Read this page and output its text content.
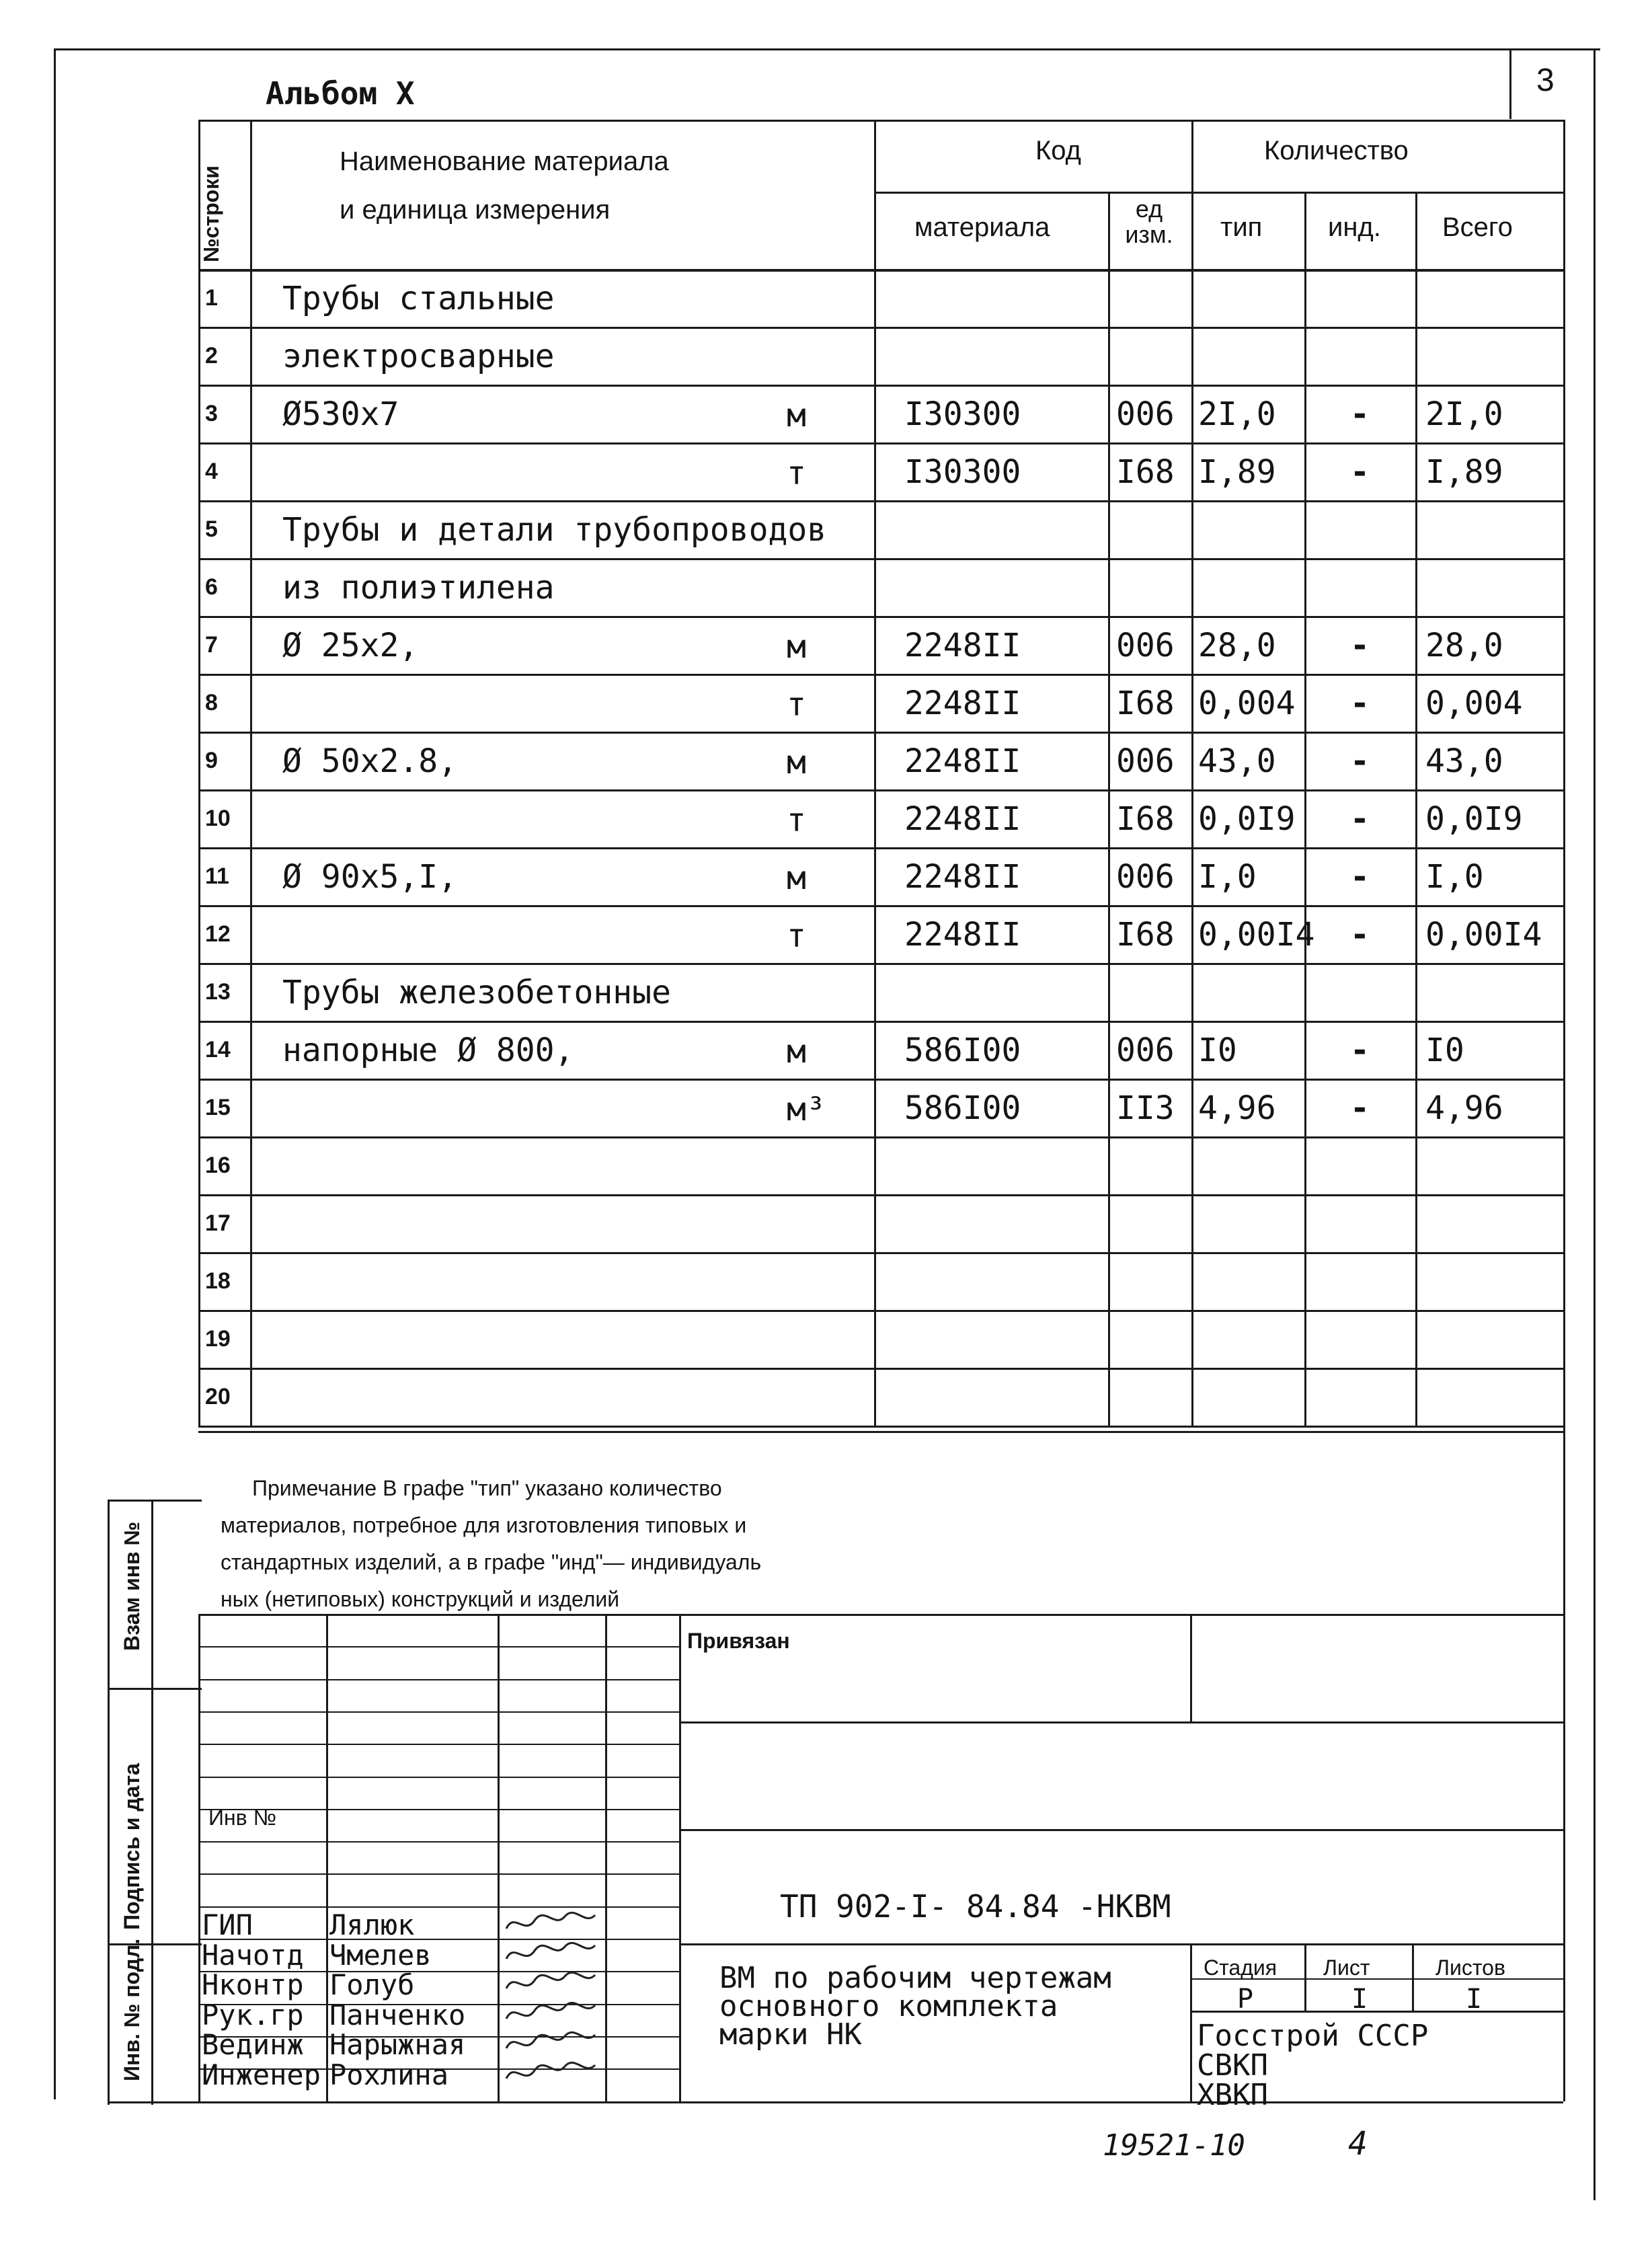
Альбом X	3
1 Трубы стальные
2 электросварные
3 Ø530х7	м	I30300	006 2I,0 - 2I,0
4	т	I30300	I68 I,89 - I,89
5 Трубы и детали трубопроводов
6 из полиэтилена
7 Ø 25х2,	м	2248II	006 28,0 - 28,0
8	т	2248II	I68 0,004 - 0,004
9 Ø 50х2.8,	м	2248II	006 43,0 - 43,0
10	т	2248II	I68 0,0I9 - 0,0I9
11 Ø 90х5,I,	м	2248II	006 I,0	- I,0
12	т	2248II	I68 0,00I4 - 0,00I4
13 Трубы железобетонные
14 напорные Ø 800,	м	586I00	006 I0	- I0
15	м³ 586I00	II3 4,96 - 4,96
16
17
18
19
20
№строки
Наименование материала
и единица измерения
Код	Количество
материала
ед изм.	тип инд. Всего
Примечание В графе "тип" указано количество
материалов, потребное для изготовления типовых и
стандартных изделий, а в графе "инд"— индивидуаль
ных (нетиповых) конструкций и изделий
Привязан
Инв №
ТП 902-I- 84.84 -НКВМ
ВМ по рабочим чертежам
основного комплекта
марки НК
Стадия Лист	Листов
Р	I	I
Госстрой СССР
СВКП
ХВКП
ГИП	Лялюк
Начотд Чмелев
Нконтр Голуб
Рук.гр Панченко
Вединж Нарыжная
Инженер Рохлина
Взам инв №
Подпись и дата
Инв. № подл.
19521-10	4
